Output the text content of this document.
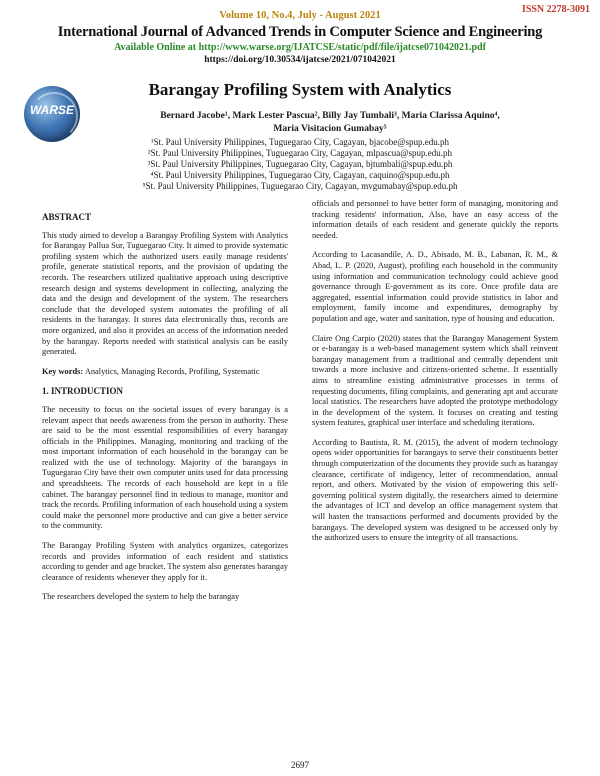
ISSN 2278-3091
Volume 10, No.4, July - August 2021
International Journal of Advanced Trends in Computer Science and Engineering
Available Online at http://www.warse.org/IJATCSE/static/pdf/file/ijatcse071042021.pdf
https://doi.org/10.30534/ijatcse/2021/071042021
WARSE
Barangay Profiling System with Analytics
Bernard Jacobe¹, Mark Lester Pascua², Billy Jay Tumbali³, Maria Clarissa Aquino⁴,
Maria Visitacion Gumabay⁵
¹St. Paul University Philippines, Tuguegarao City, Cagayan, bjacobe@spup.edu.ph
²St. Paul University Philippines, Tuguegarao City, Cagayan, mlpascua@spup.edu.ph
³St. Paul University Philippines, Tuguegarao City, Cagayan, bjtumbali@spup.edu.ph
⁴St. Paul University Philippines, Tuguegarao City, Cagayan, caquino@spup.edu.ph
⁵St. Paul University Philippines, Tuguegarao City, Cagayan, mvgumabay@spup.edu.ph
ABSTRACT

This study aimed to develop a Barangay Profiling System with Analytics for Barangay Pallua Sur, Tuguegarao City. It aimed to provide systematic profiling system which the authorized users easily manage residents' profile, generate statistical reports, and the provision of updating the records. The researchers utilized qualitative approach using descriptive research design and systems development in collecting, analyzing the data and the design and development of the system. The researchers conclude that the developed system automates the profiling of all residents in the barangay. It stores data electronically thus, records are more organized, and also it provides an access of the information needed by the barangay. Reports needed with statistical analysis can be easily generated.

Key words: Analytics, Managing Records, Profiling, Systematic

1. INTRODUCTION

The necessity to focus on the societal issues of every barangay is a relevant aspect that needs awareness from the person in authority. These are said to be the most essential responsibilities of every barangay officials in the Philippines. Managing, monitoring and tracking of the most important information of each household in the barangay can be realized with the use of technology. Majority of the barangays in Tuguegarao City have their own computer units used for data processing and spreadsheets. The records of each household are kept in a file cabinet. The barangay personnel find in tedious to manage, monitor and track the records. Profiling information of each household using a system could make the personnel more productive and can give a better service to the community.

The Barangay Profiling System with analytics organizes, categorizes records and provides information of each resident and statistics according to gender and age bracket. The system also generates barangay clearance of residents whenever they apply for it.

The researchers developed the system to help the barangay

officials and personnel to have better form of managing, monitoring and tracking residents' information, Also, have an easy access of the information details of each resident and generate quickly the reports needed.

According to Lacasandile, A. D., Abisado, M. B., Labanan, R. M., & Abad, L. P. (2020, August), profiling each household in the community using information and communication technology could achieve good governance through E-government as its core. Once profile data are aggregated, essential information could provide statistics in labor and employment, family income and expenditures, demography by population and age, water and sanitation, type of housing and education.

Claire Ong Carpio (2020) states that the Barangay Management System or e-barangay is a web-based management system which shall reinvent barangay management from a traditional and centrally dependent unit towards a more inclusive and citizens-oriented scheme. It essentially aims to streamline existing administrative processes in terms of requesting documents, filing complaints, and generating apt and accurate local statistics. The researchers have adopted the prototype methodology in the development of the system. It focuses on creating and testing system features, graphical user interface and scheduling iterations.

According to Bautista, R. M. (2015), the advent of modern technology opens wider opportunities for barangays to serve their constituents better through computerization of the documents they provide such as barangay clearance, certificate of indigency, letter of recommendation, annual report, and others. Motivated by the vision of empowering this self-governing political system digitally, the researchers aimed to determine the advantages of ICT and develop an office management system that will hasten the transactions performed and documents provided by the barangays. The developed system was designed to be accessed only by the authorized users to ensure the integrity of all transactions.

2697
